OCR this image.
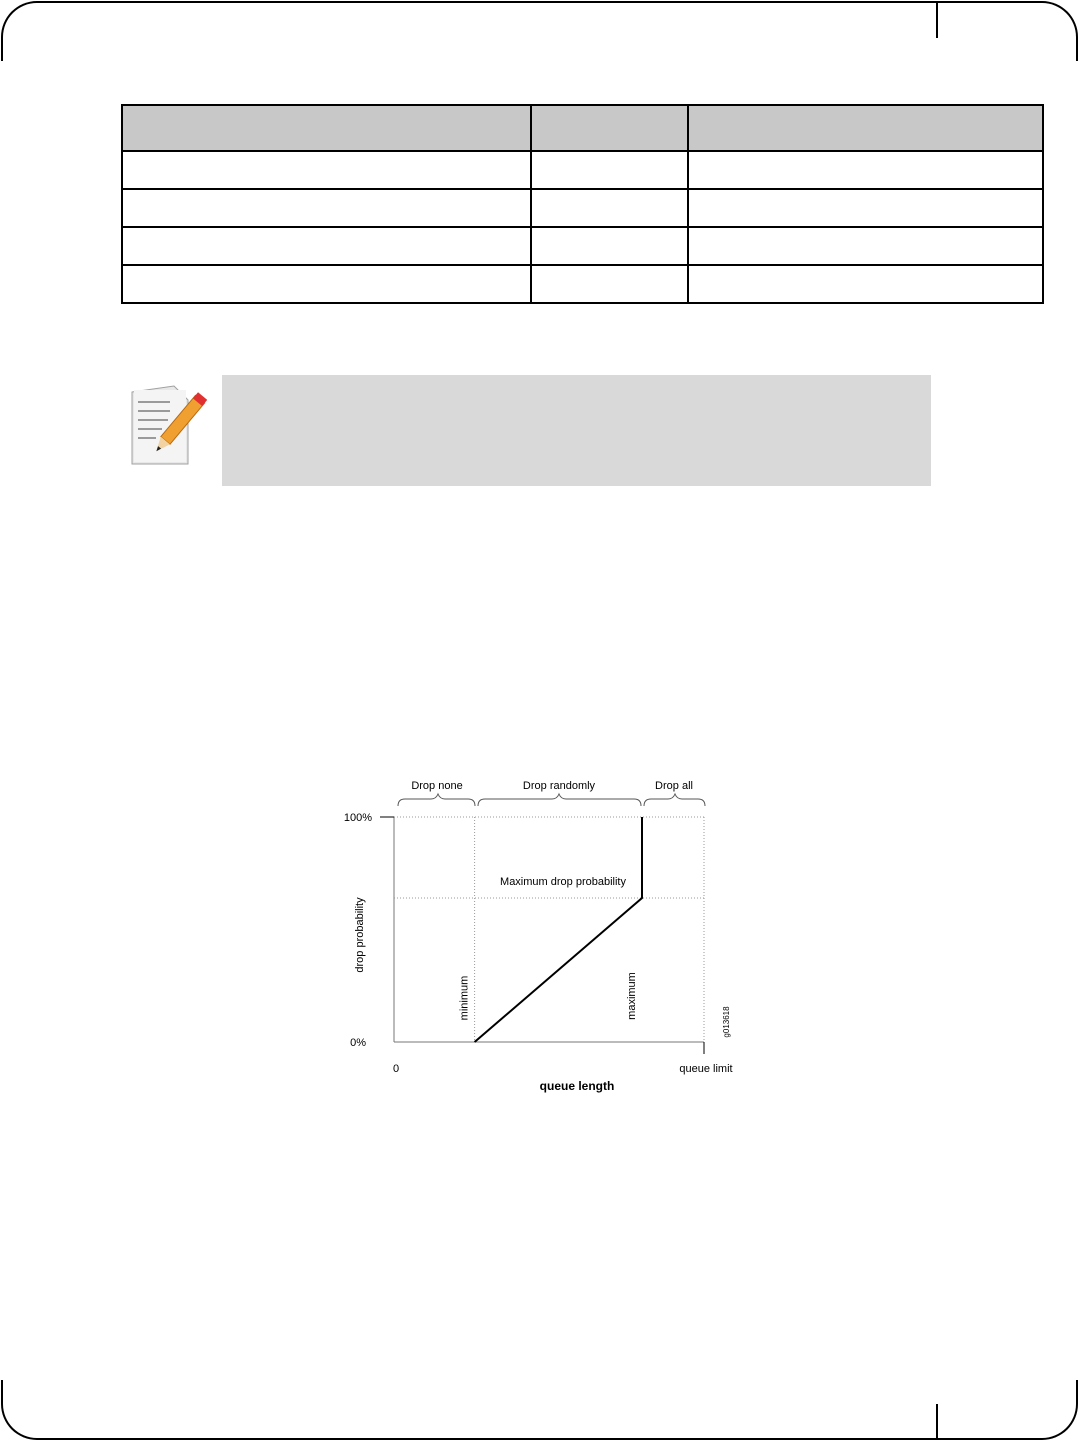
Drop none	Drop randomly	Drop all
100%
0%
0	queue limit
queue length
drop probability
Maximum drop probability
minimum	maximum
g013618
